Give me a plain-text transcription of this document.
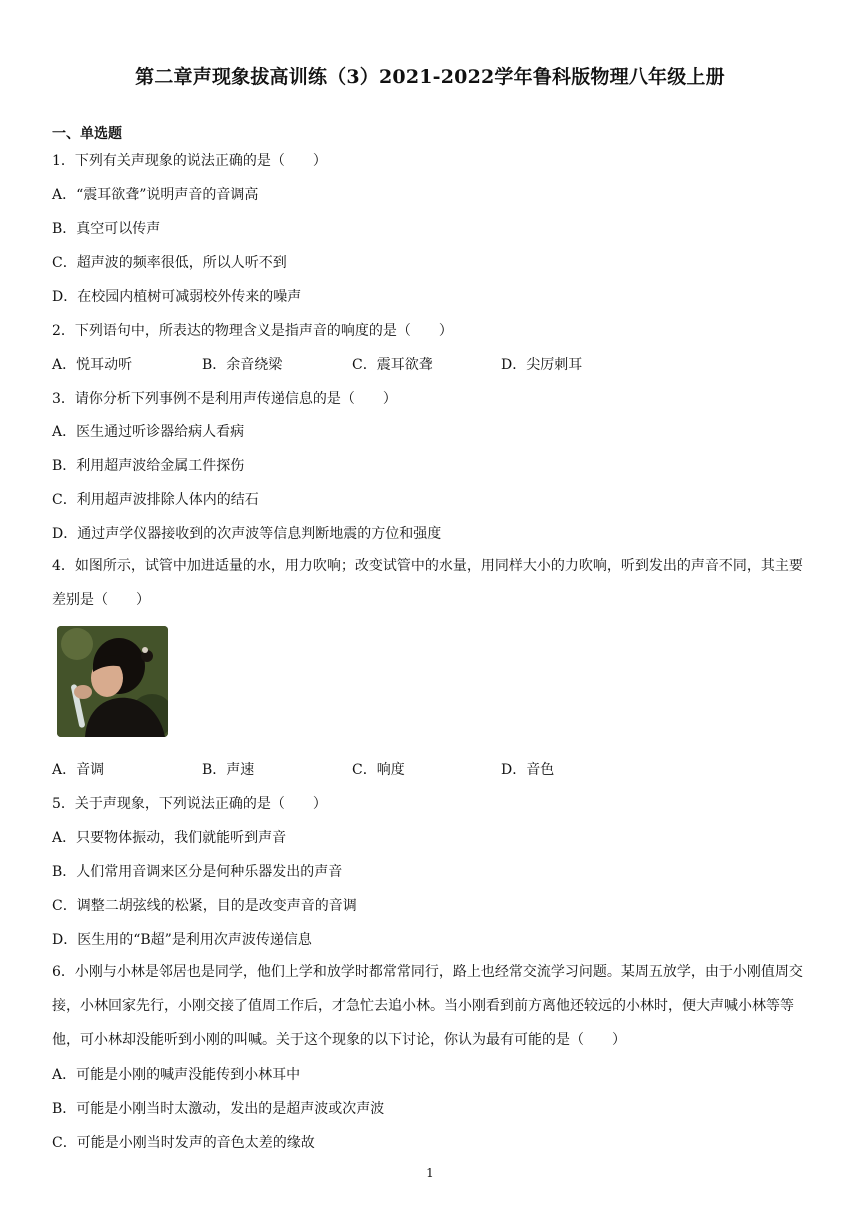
第二章声现象拔高训练（3）2021-2022学年鲁科版物理八年级上册
一、单选题
1．下列有关声现象的说法正确的是（　　）
A．“震耳欲聋”说明声音的音调高
B．真空可以传声
C．超声波的频率很低，所以人听不到
D．在校园内植树可减弱校外传来的噪声
2．下列语句中，所表达的物理含义是指声音的响度的是（　　）
A．悦耳动听	B．余音绕梁	C．震耳欲聋	D．尖厉刺耳
3．请你分析下列事例不是利用声传递信息的是（　　）
A．医生通过听诊器给病人看病
B．利用超声波给金属工件探伤
C．利用超声波排除人体内的结石
D．通过声学仪器接收到的次声波等信息判断地震的方位和强度
4．如图所示，试管中加进适量的水，用力吹响；改变试管中的水量，用同样大小的力吹响，听到发出的声音不同，其主要差别是（　　）
A．音调	B．声速	C．响度	D．音色
5．关于声现象，下列说法正确的是（　　）
A．只要物体振动，我们就能听到声音
B．人们常用音调来区分是何种乐器发出的声音
C．调整二胡弦线的松紧，目的是改变声音的音调
D．医生用的“B超”是利用次声波传递信息
6．小刚与小林是邻居也是同学，他们上学和放学时都常常同行，路上也经常交流学习问题。某周五放学，由于小刚值周交接，小林回家先行，小刚交接了值周工作后，才急忙去追小林。当小刚看到前方离他还较远的小林时，便大声喊小林等等他，可小林却没能听到小刚的叫喊。关于这个现象的以下讨论，你认为最有可能的是（　　）
A．可能是小刚的喊声没能传到小林耳中
B．可能是小刚当时太激动，发出的是超声波或次声波
C．可能是小刚当时发声的音色太差的缘故
1
